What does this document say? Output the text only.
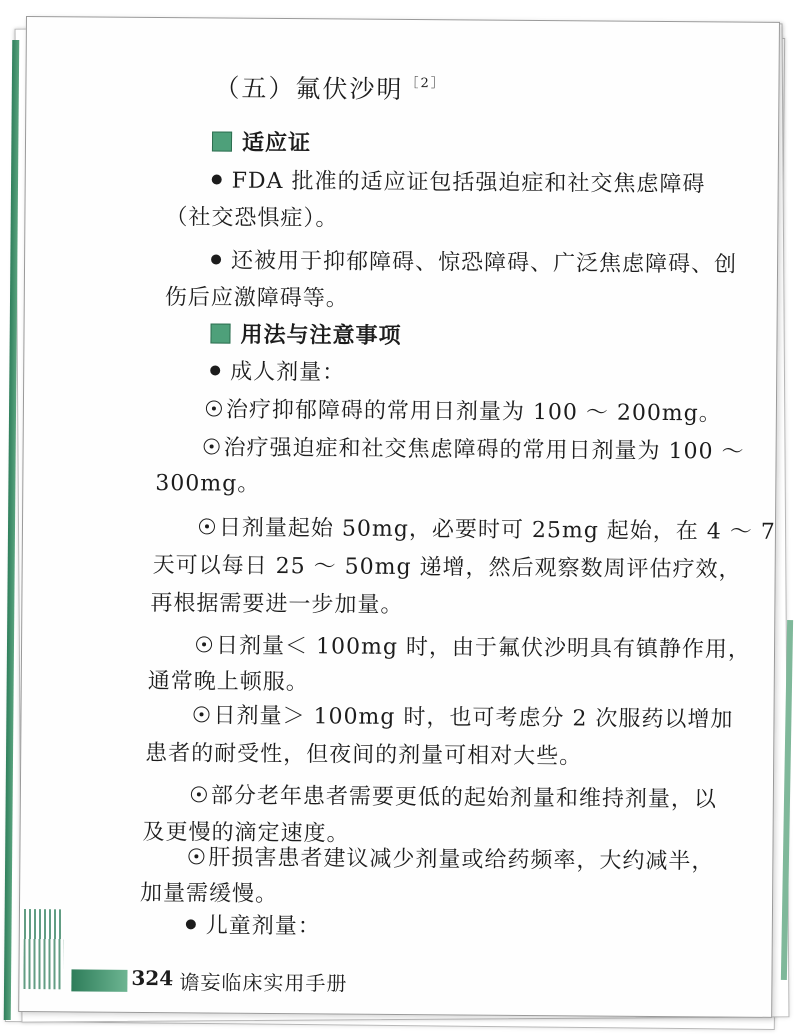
（五）氟伏沙明 $^{[2]}$
适应证
FDA 批准的适应证包括强迫症和社交焦虑障碍
（社交恐惧症）。
还被用于抑郁障碍、惊恐障碍、广泛焦虑障碍、创
伤后应激障碍等。
用法与注意事项
成人剂量：
治疗抑郁障碍的常用日剂量为 100 ～ 200mg。
治疗强迫症和社交焦虑障碍的常用日剂量为 100 ～
300mg。
日剂量起始 50mg，必要时可 25mg 起始，在 4 ～ 7
天可以每日 25 ～ 50mg 递增，然后观察数周评估疗效，
再根据需要进一步加量。
日剂量＜ 100mg 时，由于氟伏沙明具有镇静作用，
通常晚上顿服。
日剂量＞ 100mg 时，也可考虑分 2 次服药以增加
患者的耐受性，但夜间的剂量可相对大些。
部分老年患者需要更低的起始剂量和维持剂量，以
及更慢的滴定速度。
肝损害患者建议减少剂量或给药频率，大约减半，
加量需缓慢。
儿童剂量：
324 谵妄临床实用手册
